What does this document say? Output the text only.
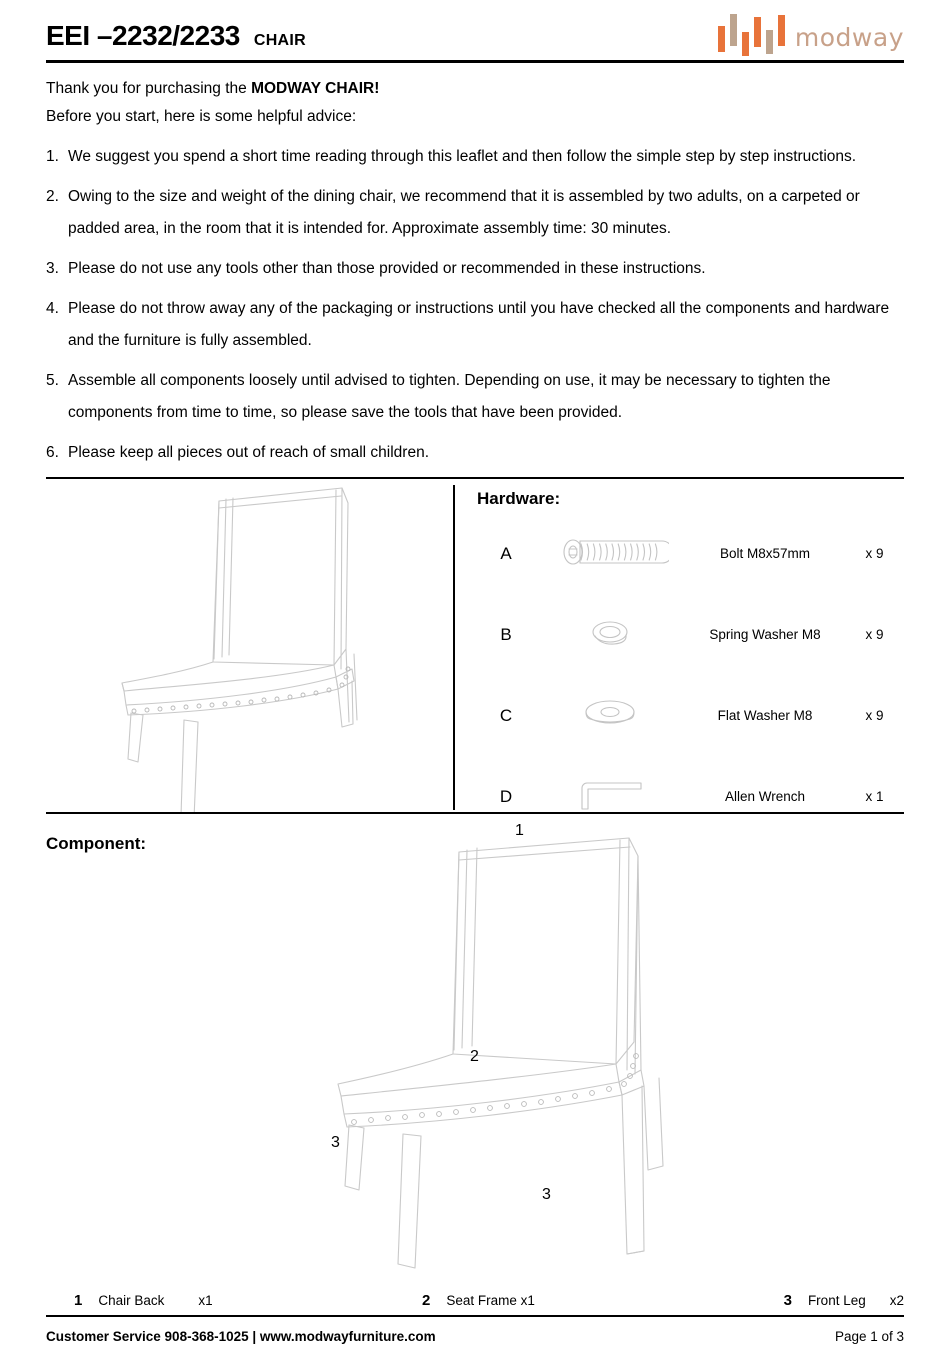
EEI –2232/2233 CHAIR	modway

Thank you for purchasing the MODWAY CHAIR!

Before you start, here is some helpful advice:

1. We suggest you spend a short time reading through this leaflet and then follow the simple step by step instructions.
2. Owing to the size and weight of the dining chair, we recommend that it is assembled by two adults, on a carpeted or padded area, in the room that it is intended for. Approximate assembly time: 30 minutes.
3. Please do not use any tools other than those provided or recommended in these instructions.
4. Please do not throw away any of the packaging or instructions until you have checked all the components and hardware and the furniture is fully assembled.
5. Assemble all components loosely until advised to tighten. Depending on use, it may be necessary to tighten the components from time to time, so please save the tools that have been provided.
6. Please keep all pieces out of reach of small children.
Hardware:
A		Bolt M8x57mm	x 9
B		Spring Washer M8	x 9
C		Flat Washer M8	x 9
D		Allen Wrench	x 1
Component:
1
2
3
3
1 Chair Back	x1	2 Seat Frame x1	3 Front Leg x2
Customer Service 908-368-1025 | www.modwayfurniture.com	Page 1 of 3
